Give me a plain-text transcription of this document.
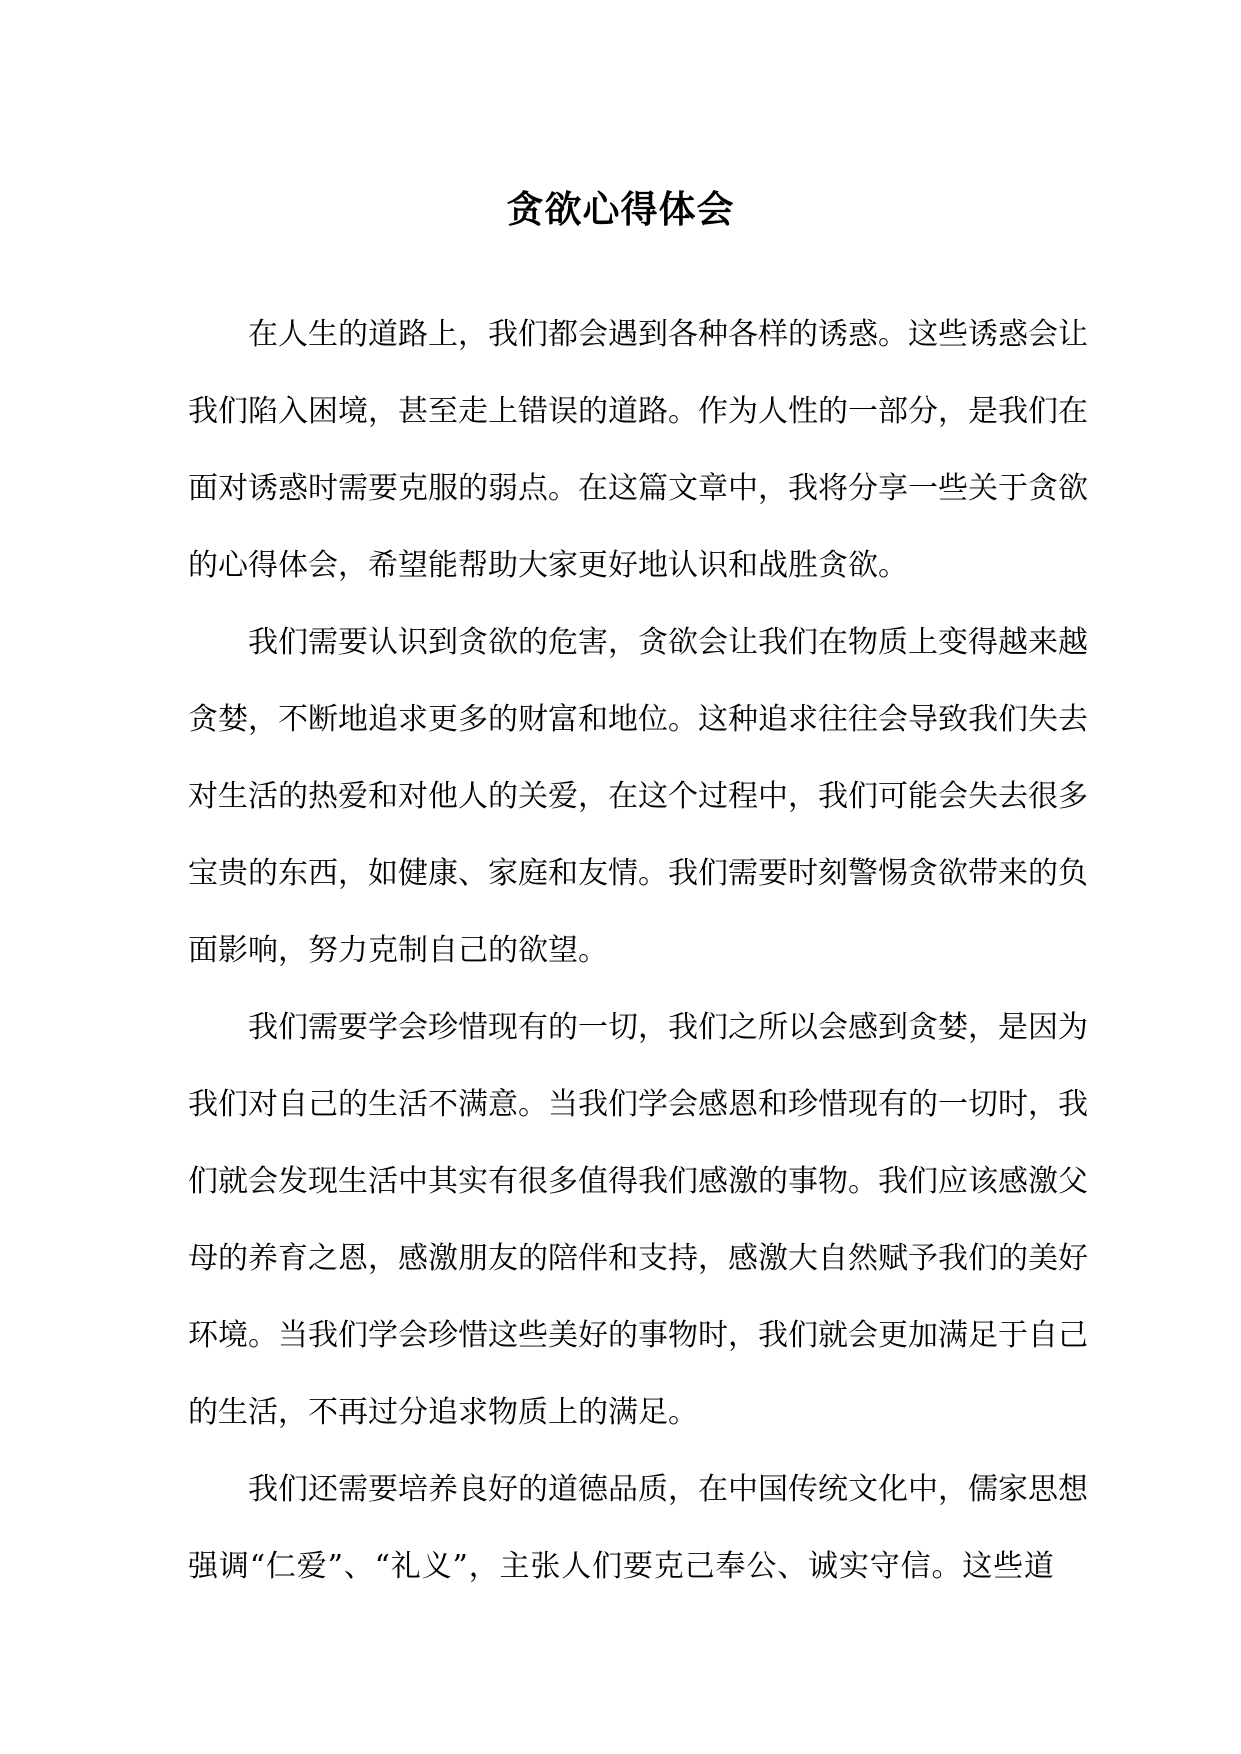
贪欲心得体会
在人生的道路上，我们都会遇到各种各样的诱惑。这些诱惑会让
我们陷入困境，甚至走上错误的道路。作为人性的一部分，是我们在
面对诱惑时需要克服的弱点。在这篇文章中，我将分享一些关于贪欲
的心得体会，希望能帮助大家更好地认识和战胜贪欲。
我们需要认识到贪欲的危害，贪欲会让我们在物质上变得越来越
贪婪，不断地追求更多的财富和地位。这种追求往往会导致我们失去
对生活的热爱和对他人的关爱，在这个过程中，我们可能会失去很多
宝贵的东西，如健康、家庭和友情。我们需要时刻警惕贪欲带来的负
面影响，努力克制自己的欲望。
我们需要学会珍惜现有的一切，我们之所以会感到贪婪，是因为
我们对自己的生活不满意。当我们学会感恩和珍惜现有的一切时，我
们就会发现生活中其实有很多值得我们感激的事物。我们应该感激父
母的养育之恩，感激朋友的陪伴和支持，感激大自然赋予我们的美好
环境。当我们学会珍惜这些美好的事物时，我们就会更加满足于自己
的生活，不再过分追求物质上的满足。
我们还需要培养良好的道德品质，在中国传统文化中，儒家思想
强调“仁爱”、“礼义”，主张人们要克己奉公、诚实守信。这些道
